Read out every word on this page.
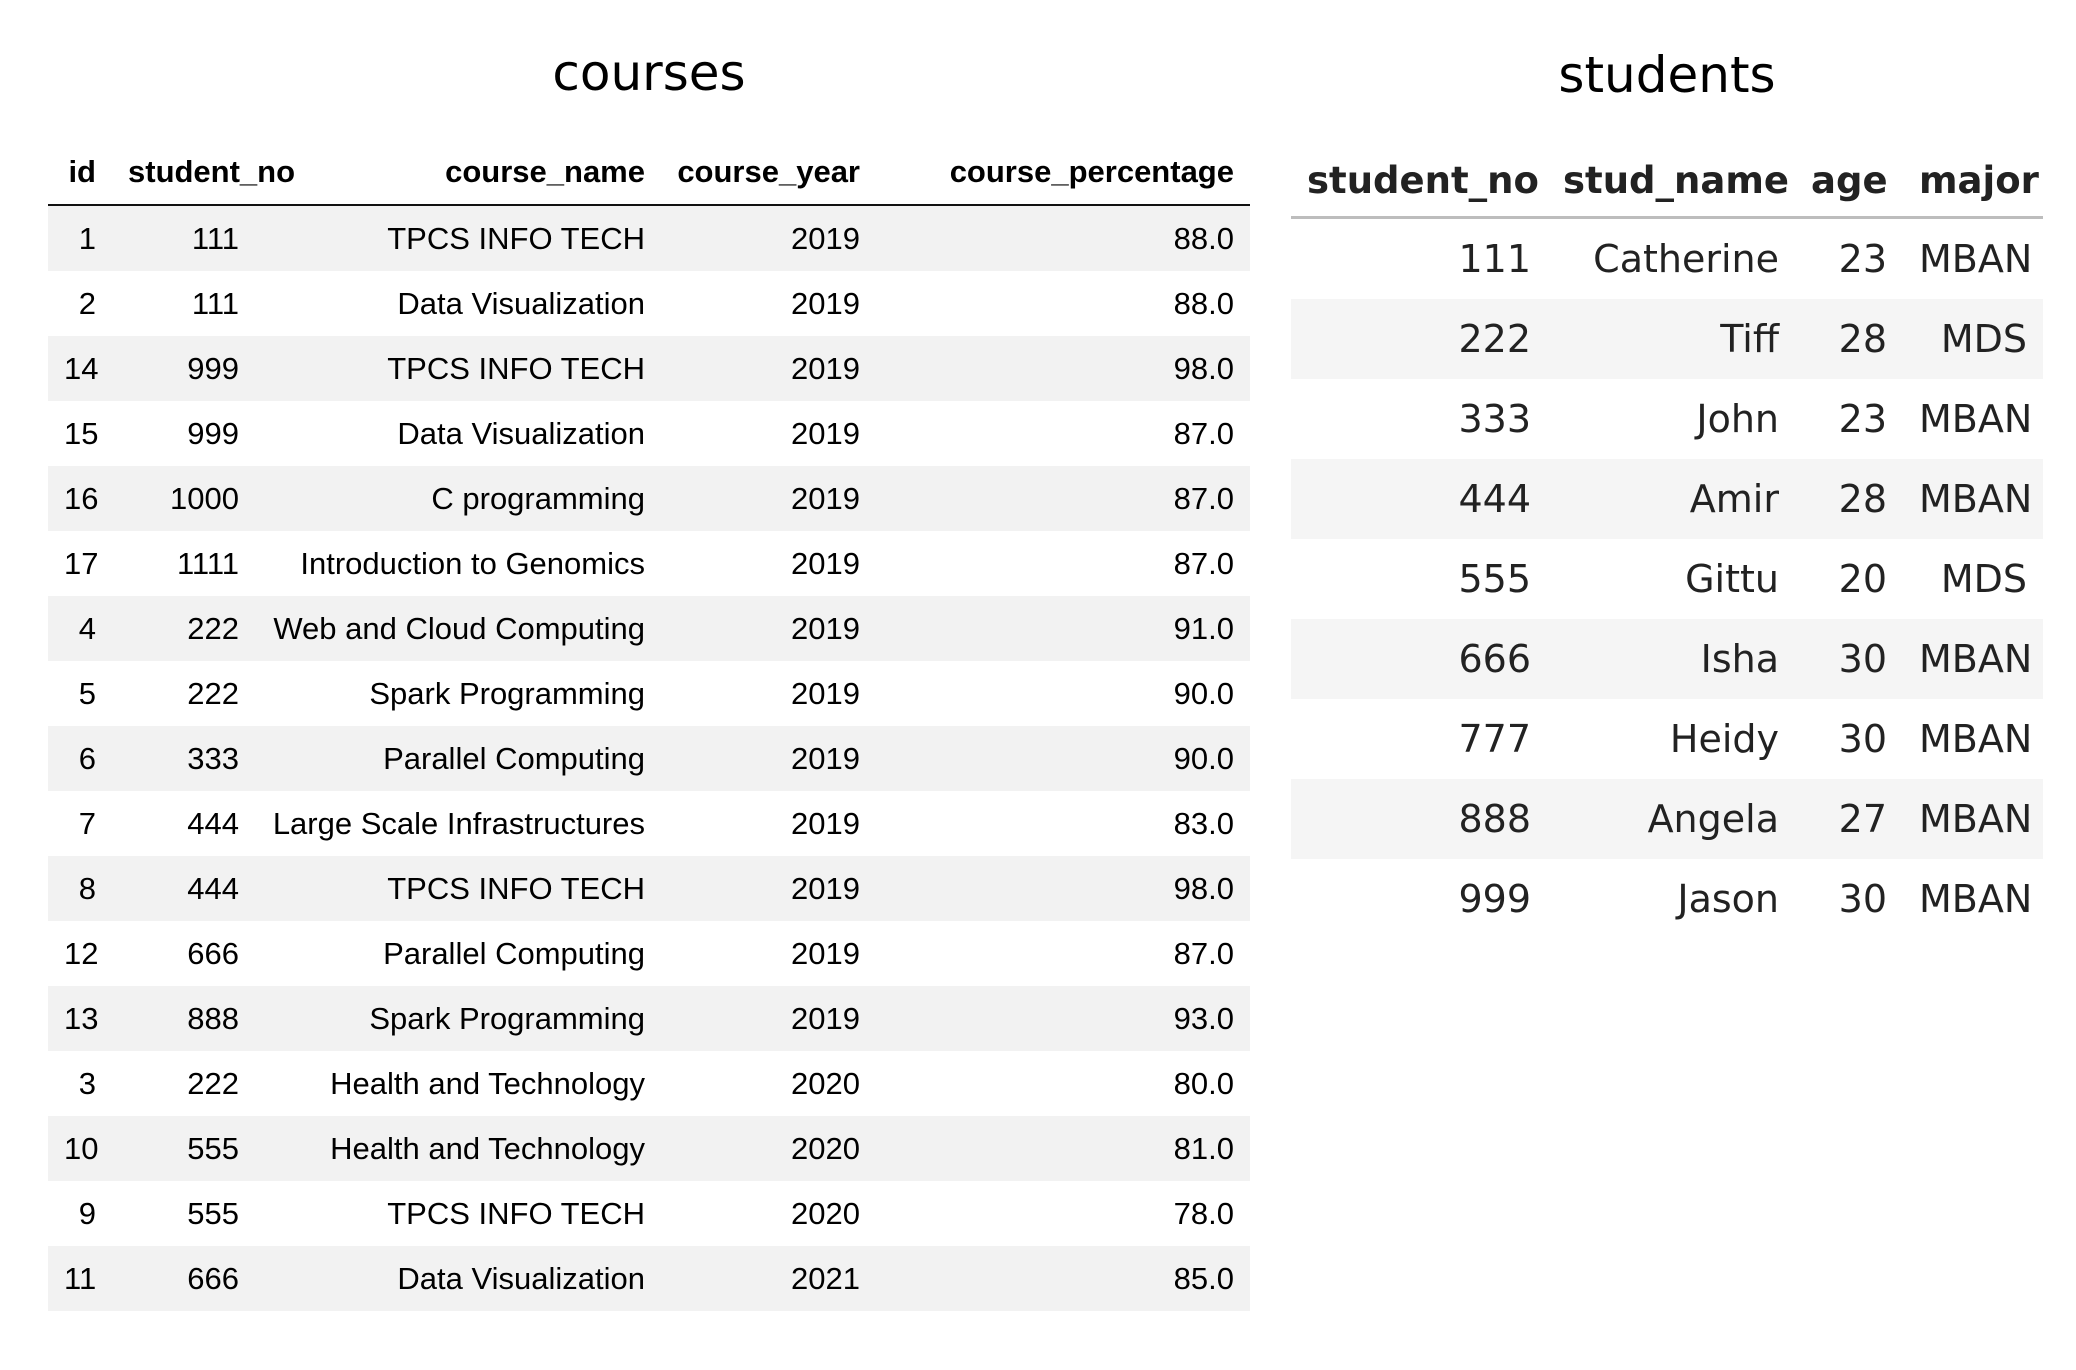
courses
id	student_no	course_name	course_year	course_percentage
1	111	TPCS INFO TECH	2019	88.0
2	111	Data Visualization	2019	88.0
14	999	TPCS INFO TECH	2019	98.0
15	999	Data Visualization	2019	87.0
16	1000	C programming	2019	87.0
17	1111	Introduction to Genomics	2019	87.0
4	222	Web and Cloud Computing	2019	91.0
5	222	Spark Programming	2019	90.0
6	333	Parallel Computing	2019	90.0
7	444	Large Scale Infrastructures	2019	83.0
8	444	TPCS INFO TECH	2019	98.0
12	666	Parallel Computing	2019	87.0
13	888	Spark Programming	2019	93.0
3	222	Health and Technology	2020	80.0
10	555	Health and Technology	2020	81.0
9	555	TPCS INFO TECH	2020	78.0
11	666	Data Visualization	2021	85.0
students
student_no	stud_name	age	major
111	Catherine	23	MBAN
222	Tiff	28	MDS
333	John	23	MBAN
444	Amir	28	MBAN
555	Gittu	20	MDS
666	Isha	30	MBAN
777	Heidy	30	MBAN
888	Angela	27	MBAN
999	Jason	30	MBAN
